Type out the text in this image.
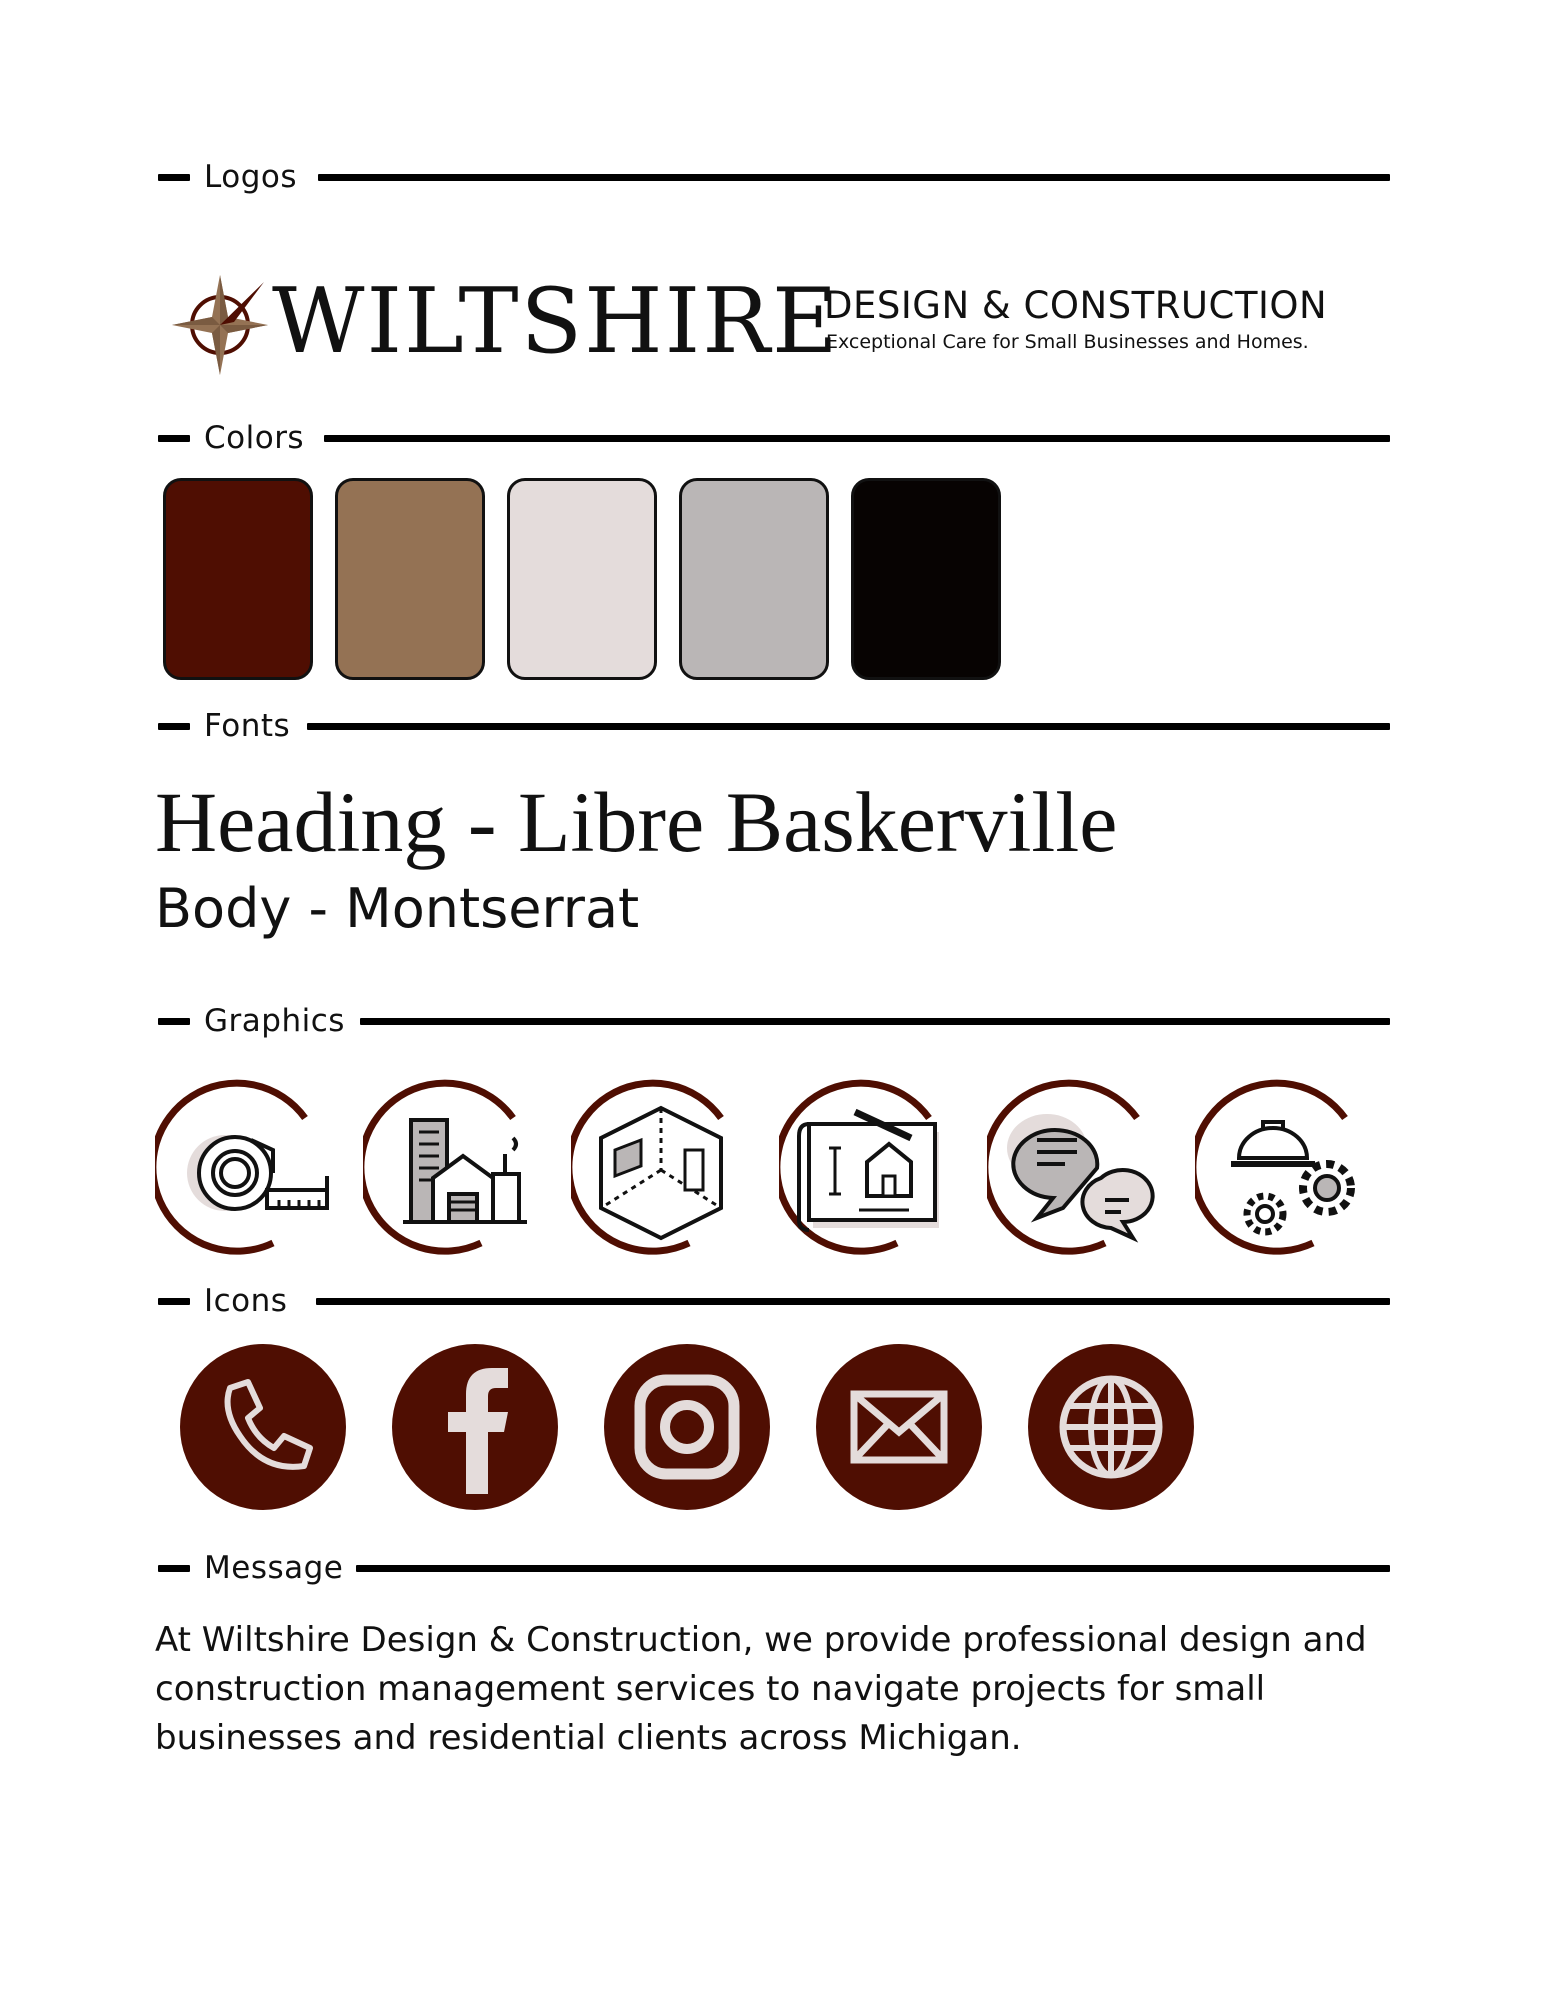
Logos
WILTSHIRE
DESIGN & CONSTRUCTION
Exceptional Care for Small Businesses and Homes.
Colors
Fonts
Heading - Libre Baskerville
Body - Montserrat
Graphics
Icons
Message
At Wiltshire Design & Construction, we provide professional design and construction management services to navigate projects for small businesses and residential clients across Michigan.
